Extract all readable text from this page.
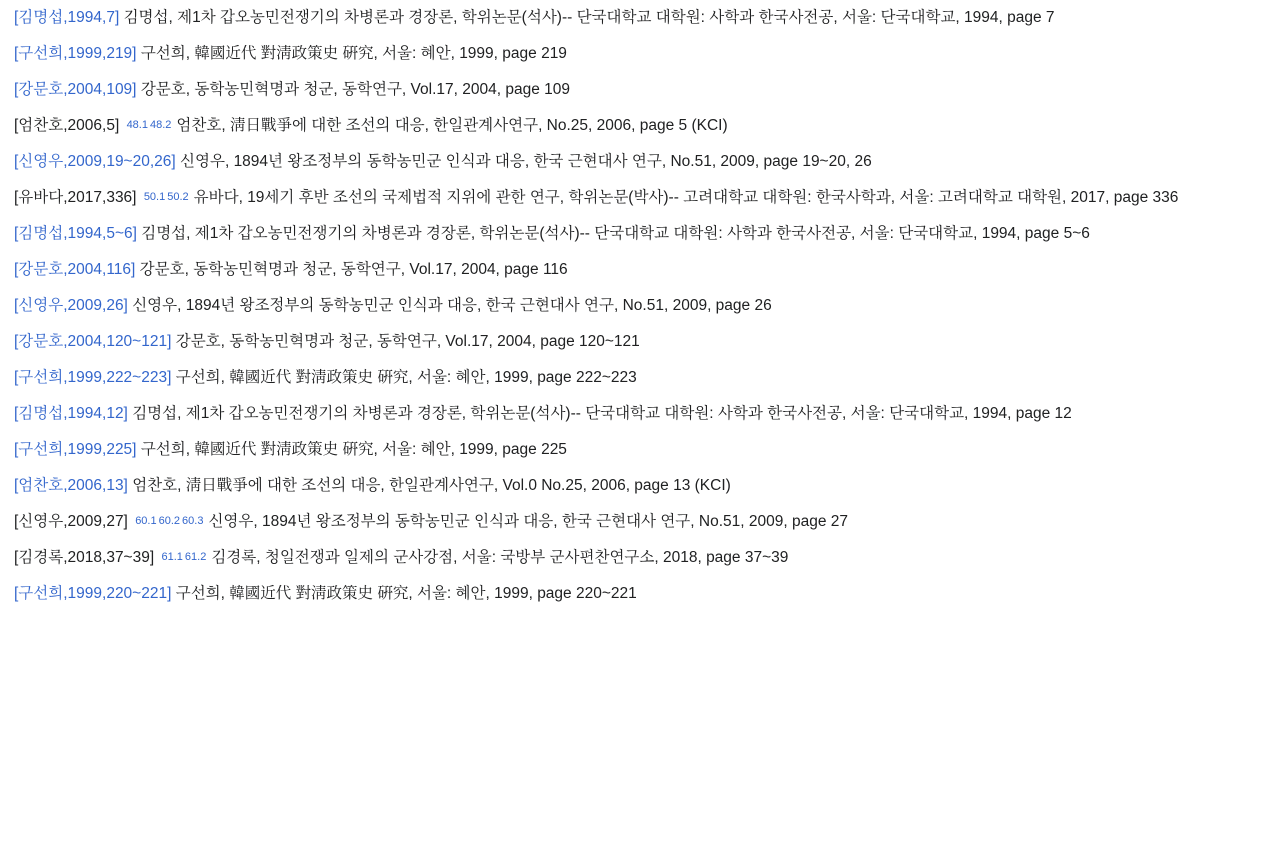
[김명섭,1994,7] 김명섭, 제1차 갑오농민전쟁기의 차병론과 경장론, 학위논문(석사)-- 단국대학교 대학원: 사학과 한국사전공, 서울: 단국대학교, 1994, page 7

[구선희,1999,219] 구선희, 韓國近代 對淸政策史 硏究, 서울: 혜안, 1999, page 219

[강문호,2004,109] 강문호, 동학농민혁명과 청군, 동학연구, Vol.17, 2004, page 109

[엄찬호,2006,5] 48.1 48.2 엄찬호, 淸日戰爭에 대한 조선의 대응, 한일관계사연구, No.25, 2006, page 5 (KCI)

[신영우,2009,19~20,26] 신영우, 1894년 왕조정부의 동학농민군 인식과 대응, 한국 근현대사 연구, No.51, 2009, page 19~20, 26

[유바다,2017,336] 50.1 50.2 유바다, 19세기 후반 조선의 국제법적 지위에 관한 연구, 학위논문(박사)-- 고려대학교 대학원: 한국사학과, 서울: 고려대학교 대학원, 2017, page 336

[김명섭,1994,5~6] 김명섭, 제1차 갑오농민전쟁기의 차병론과 경장론, 학위논문(석사)-- 단국대학교 대학원: 사학과 한국사전공, 서울: 단국대학교, 1994, page 5~6

[강문호,2004,116] 강문호, 동학농민혁명과 청군, 동학연구, Vol.17, 2004, page 116

[신영우,2009,26] 신영우, 1894년 왕조정부의 동학농민군 인식과 대응, 한국 근현대사 연구, No.51, 2009, page 26

[강문호,2004,120~121] 강문호, 동학농민혁명과 청군, 동학연구, Vol.17, 2004, page 120~121

[구선희,1999,222~223] 구선희, 韓國近代 對淸政策史 硏究, 서울: 혜안, 1999, page 222~223

[김명섭,1994,12] 김명섭, 제1차 갑오농민전쟁기의 차병론과 경장론, 학위논문(석사)-- 단국대학교 대학원: 사학과 한국사전공, 서울: 단국대학교, 1994, page 12

[구선희,1999,225] 구선희, 韓國近代 對淸政策史 硏究, 서울: 혜안, 1999, page 225

[엄찬호,2006,13] 엄찬호, 淸日戰爭에 대한 조선의 대응, 한일관계사연구, Vol.0 No.25, 2006, page 13 (KCI)

[신영우,2009,27] 60.1 60.2 60.3 신영우, 1894년 왕조정부의 동학농민군 인식과 대응, 한국 근현대사 연구, No.51, 2009, page 27

[김경록,2018,37~39] 61.1 61.2 김경록, 청일전쟁과 일제의 군사강점, 서울: 국방부 군사편찬연구소, 2018, page 37~39

[구선희,1999,220~221] 구선희, 韓國近代 對淸政策史 硏究, 서울: 혜안, 1999, page 220~221
